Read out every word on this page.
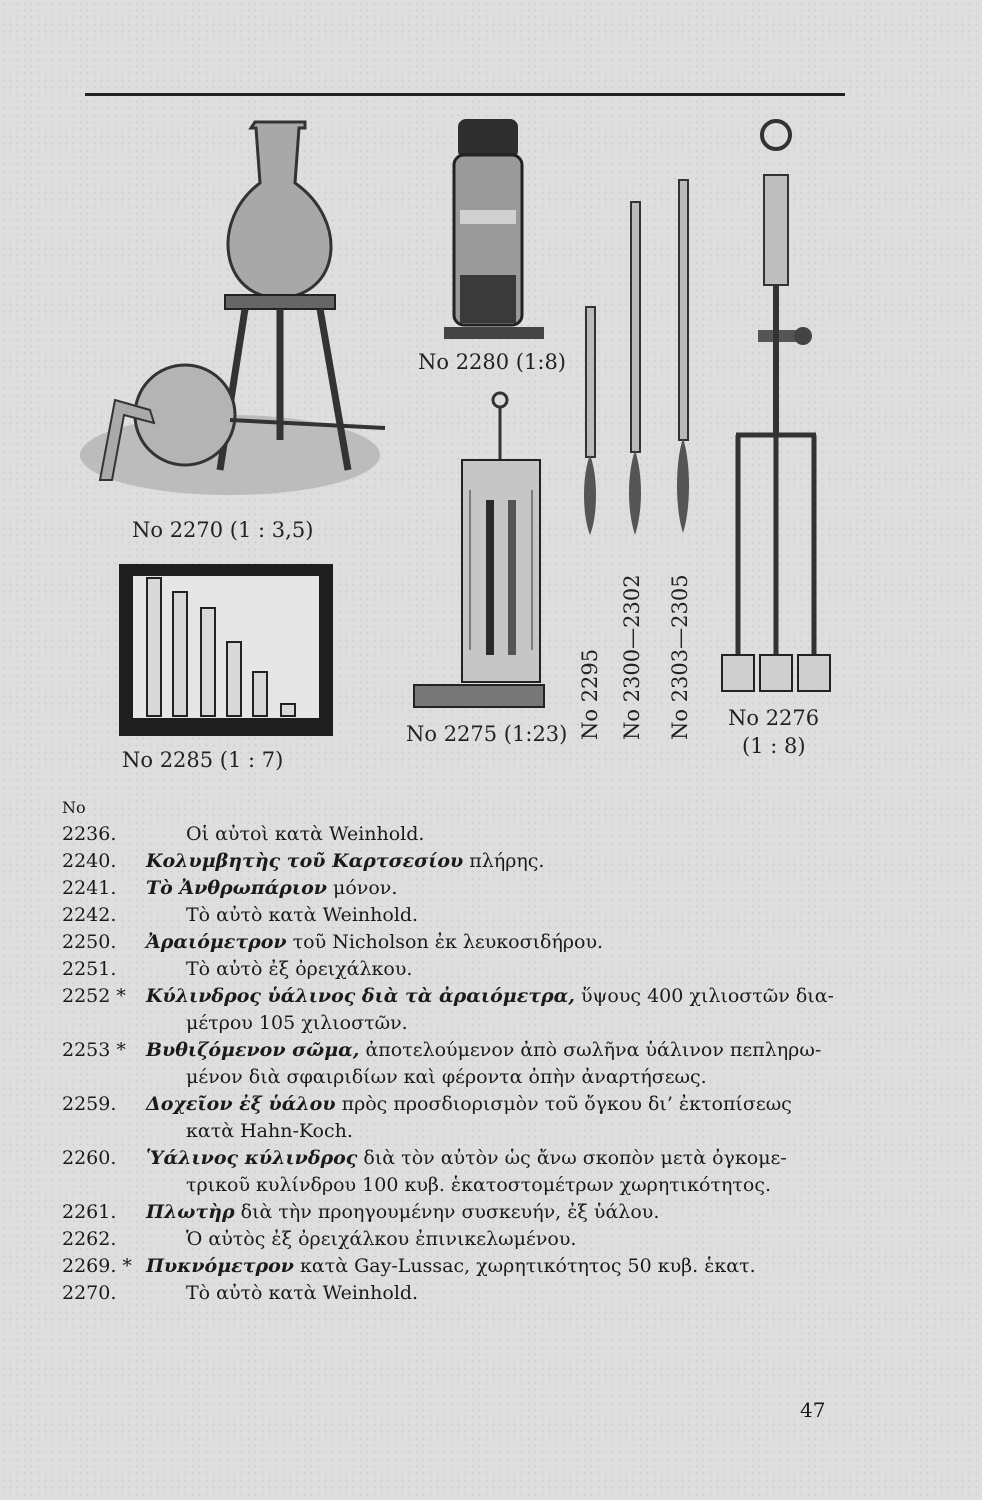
No 2270 (1 : 3,5)
No 2280 (1:8)
No 2285 (1 : 7)
No 2275 (1:23) No 2295 No 2300—2302 No 2303—2305 No 2276
(1 : 8)
No
2236.	Οἱ αὐτοὶ κατὰ Weinhold.
2240.	Κολυμβητὴς τοῦ Καρτσεσίου πλήρης.
2241.	Τὸ Ἀνθρωπάριον μόνον.
2242.	Τὸ αὐτὸ κατὰ Weinhold.
2250.	Ἀραιόμετρον τοῦ Nicholson ἐκ λευκοσιδήρου.
2251.	Τὸ αὐτὸ ἐξ ὀρειχάλκου.
2252 *	Κύλινδρος ὑάλινος διὰ τὰ ἀραιόμετρα, ὕψους 400 χιλιοστῶν δια-
μέτρου 105 χιλιοστῶν.
2253 *	Βυθιζόμενον σῶμα, ἀποτελούμενον ἀπὸ σωλῆνα ὑάλινον πεπληρω-
μένον διὰ σφαιριδίων καὶ φέροντα ὀπὴν ἀναρτήσεως.
2259.	Δοχεῖον ἐξ ὑάλου πρὸς προσδιορισμὸν τοῦ ὄγκου δι’ ἐκτοπίσεως
κατὰ Hahn-Koch.
2260.	Ὑάλινος κύλινδρος διὰ τὸν αὐτὸν ὡς ἄνω σκοπὸν μετὰ ὀγκομε-
τρικοῦ κυλίνδρου 100 κυβ. ἑκατοστομέτρων χωρητικότητος.
2261.	Πλωτὴρ διὰ τὴν προηγουμένην συσκευήν, ἐξ ὑάλου.
2262.	Ὁ αὐτὸς ἐξ ὀρειχάλκου ἐπινικελωμένου.
2269. * Πυκνόμετρον κατὰ Gay-Lussac, χωρητικότητος 50 κυβ. ἑκατ.
2270.	Τὸ αὐτὸ κατὰ Weinhold.
47
